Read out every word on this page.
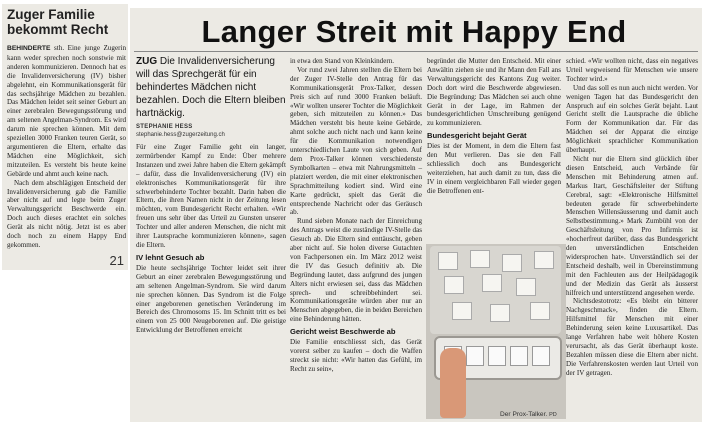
Zuger Familie bekommt Recht

BEHINDERTE sth. Eine junge Zugerin kann weder sprechen noch sonstwie mit anderen kommunizieren. Dennoch hat es die Invalidenversicherung (IV) bisher abgelehnt, ein Kommunikationsgerät für das sechsjährige Mädchen zu bezahlen. Das Mädchen leidet seit seiner Geburt an einer zerebralen Bewegungsstörung und am seltenen Angelman-Syndrom. Es wird darum nie sprechen können. Mit dem speziellen 3000 Franken teuren Gerät, so argumentieren die Eltern, erhalte das Mädchen eine Möglichkeit, sich mitzuteilen. Es versteht bis heute keine Gebärde und ahmt auch keine nach.

Nach dem abschlägigen Entscheid der Invalidenversicherung gab die Familie aber nicht auf und legte beim Zuger Verwaltungsgericht Beschwerde ein. Doch auch dieses erachtet ein solches Gerät als nicht nötig. Jetzt ist es aber doch noch zu einem Happy End gekommen.

21
Langer Streit mit Happy End

ZUG Die Invalidenversicherung will das Sprechgerät für ein behindertes Mädchen nicht bezahlen. Doch die Eltern bleiben hartnäckig.

STEPHANIE HESS
stephanie.hess@zugerzeitung.ch

Für eine Zuger Familie geht ein langer, zermürbender Kampf zu Ende: Über mehrere Instanzen und zwei Jahre haben die Eltern gekämpft – dafür, dass die Invalidenversicherung (IV) ein elektronisches Kommunikationsgerät für ihre schwerbehinderte Tochter bezahlt. Darin haben die Eltern, die ihren Namen nicht in der Zeitung lesen möchten, vom Bundesgericht Recht erhalten. «Wir freuen uns sehr über das Urteil zu Gunsten unserer Tochter und aller anderen Menschen, die nicht mit ihrer Lautsprache kommunizieren können», sagen die Eltern.

IV lehnt Gesuch ab

Die heute sechsjährige Tochter leidet seit ihrer Geburt an einer zerebralen Bewegungsstörung und am seltenen Angelman-Syndrom. Sie wird darum nie sprechen können. Das Syndrom ist die Folge einer angeborenen genetischen Veränderung im Bereich des Chromosoms 15. Im Schnitt tritt es bei einem von 25 000 Neugeborenen auf. Die geistige Entwicklung der Betroffenen erreicht

in etwa den Stand von Kleinkindern.

Vor rund zwei Jahren stellten die Eltern bei der Zuger IV-Stelle den Antrag für das Kommunikationsgerät Prox-Talker, dessen Preis sich auf rund 3000 Franken beläuft. «Wir wollten unserer Tochter die Möglichkeit geben, sich mitzuteilen zu können.» Das Mädchen versteht bis heute keine Gebärde, ahmt solche auch nicht nach und kann keine für die Kommunikation notwendigen unterschiedlichen Laute von sich geben. Auf dem Prox-Talker können verschiedenste Symbolkarten – etwa mit Nahrungsmitteln – platziert werden, die mit einer elektronischen Sprachmitteilung kodiert sind. Wird eine Karte gedrückt, spielt das Gerät die entsprechende Nachricht oder das Geräusch ab.

Rund sieben Monate nach der Einreichung des Antrags weist die zuständige IV-Stelle das Gesuch ab. Die Eltern sind enttäuscht, geben aber nicht auf. Sie holen diverse Gutachten von Fachpersonen ein. Im März 2012 weist die IV das Gesuch definitiv ab. Die Begründung lautet, dass aufgrund des jungen Alters nicht erwiesen sei, dass das Mädchen sprech- und schreibbehindert sei. Kommunikationsgeräte würden aber nur an Menschen abgegeben, die in beiden Bereichen eine Behinderung hätten.

Gericht weist Beschwerde ab

Die Familie entschliesst sich, das Gerät vorerst selber zu kaufen – doch die Waffen streckt sie nicht: «Wir hatten das Gefühl, im Recht zu sein»,

begründet die Mutter den Entscheid. Mit einer Anwältin ziehen sie und ihr Mann den Fall ans Verwaltungsgericht des Kantons Zug weiter. Doch dort wird die Beschwerde abgewiesen. Die Begründung: Das Mädchen sei auch ohne Gerät in der Lage, im Rahmen der bundesgerichtlichen Umschreibung genügend zu kommunizieren.

Bundesgericht bejaht Gerät

Dies ist der Moment, in dem die Eltern fast den Mut verlieren. Das sie den Fall schliesslich doch ans Bundesgericht weiterziehen, hat auch damit zu tun, dass die IV in einem vergleichbaren Fall wieder gegen die Betroffenen ent-

schied. «Wir wollten nicht, dass ein negatives Urteil wegweisend für Menschen wie unsere Tochter wird.»

Und das soll es nun auch nicht werden. Vor wenigen Tagen hat das Bundesgericht den Anspruch auf ein solches Gerät bejaht. Laut Gericht stellt die Lautsprache die übliche Form der Kommunikation dar. Für das Mädchen sei der Apparat die einzige Möglichkeit sprachlicher Kommunikation überhaupt.

Nicht nur die Eltern sind glücklich über diesen Entscheid, auch Verbände für Menschen mit Behinderung atmen auf. Markus Itart, Geschäftsleiter der Stiftung Cerebral, sagt: «Elektronische Hilfsmittel bedeuten gerade für schwerbehinderte Menschen Willensäusserung und damit auch Selbstbestimmung.» Mark Zumbühl von der Geschäftsleitung von Pro Infirmis ist «hocherfreut darüber, dass das Bundesgericht den unverständlichen Entscheiden widersprochen hat». Unverständlich sei der Entscheid deshalb, weil in Übereinstimmung mit den Fachleuten aus der Heilpädagogik und der Medizin das Gerät als äusserst hilfreich und unterstützend angesehen werde.

Nichtsdestotrotz: «Es bleibt ein bitterer Nachgeschmack», finden die Eltern. Hilfsmittel für Menschen mit einer Behinderung seien keine Luxusartikel. Das lange Verfahren habe weit höhere Kosten verursacht, als das Gerät überhaupt koste. Bezahlen müssen diese die Eltern aber nicht. Die Verfahrenskosten werden laut Urteil von der IV getragen.

Der Prox-Talker. PD
